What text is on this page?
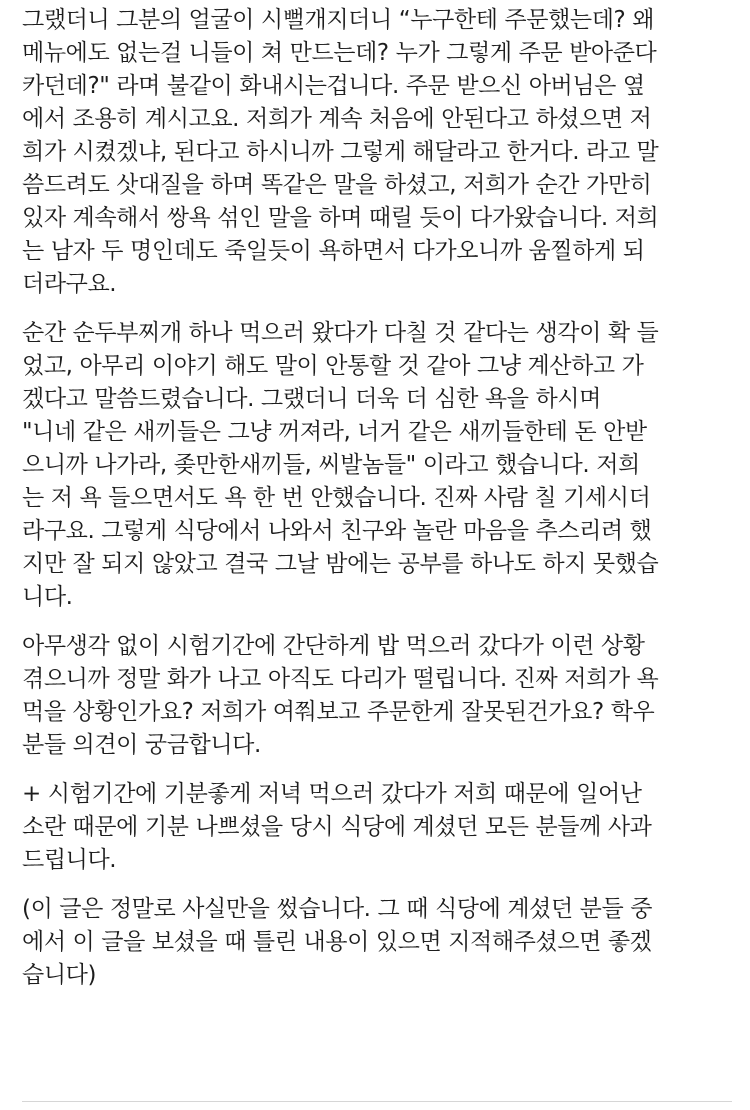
그랬더니 그분의 얼굴이 시뻘개지더니 “누구한테 주문했는데? 왜
메뉴에도 없는걸 니들이 쳐 만드는데? 누가 그렇게 주문 받아준다
카던데?" 라며 불같이 화내시는겁니다. 주문 받으신 아버님은 옆
에서 조용히 계시고요. 저희가 계속 처음에 안된다고 하셨으면 저
희가 시켰겠냐, 된다고 하시니까 그렇게 해달라고 한거다. 라고 말
씀드려도 삿대질을 하며 똑같은 말을 하셨고, 저희가 순간 가만히
있자 계속해서 쌍욕 섞인 말을 하며 때릴 듯이 다가왔습니다. 저희
는 남자 두 명인데도 죽일듯이 욕하면서 다가오니까 움찔하게 되
더라구요.

순간 순두부찌개 하나 먹으러 왔다가 다칠 것 같다는 생각이 확 들
었고, 아무리 이야기 해도 말이 안통할 것 같아 그냥 계산하고 가
겠다고 말씀드렸습니다. 그랬더니 더욱 더 심한 욕을 하시며
"니네 같은 새끼들은 그냥 꺼져라, 너거 같은 새끼들한테 돈 안받
으니까 나가라, 좆만한새끼들, 씨발놈들" 이라고 했습니다. 저희
는 저 욕 들으면서도 욕 한 번 안했습니다. 진짜 사람 칠 기세시더
라구요. 그렇게 식당에서 나와서 친구와 놀란 마음을 추스리려 했
지만 잘 되지 않았고 결국 그날 밤에는 공부를 하나도 하지 못했습
니다.

아무생각 없이 시험기간에 간단하게 밥 먹으러 갔다가 이런 상황
겪으니까 정말 화가 나고 아직도 다리가 떨립니다. 진짜 저희가 욕
먹을 상황인가요? 저희가 여쭤보고 주문한게 잘못된건가요? 학우
분들 의견이 궁금합니다.

+ 시험기간에 기분좋게 저녁 먹으러 갔다가 저희 때문에 일어난
소란 때문에 기분 나쁘셨을 당시 식당에 계셨던 모든 분들께 사과
드립니다.

(이 글은 정말로 사실만을 썼습니다. 그 때 식당에 계셨던 분들 중
에서 이 글을 보셨을 때 틀린 내용이 있으면 지적해주셨으면 좋겠
습니다)
